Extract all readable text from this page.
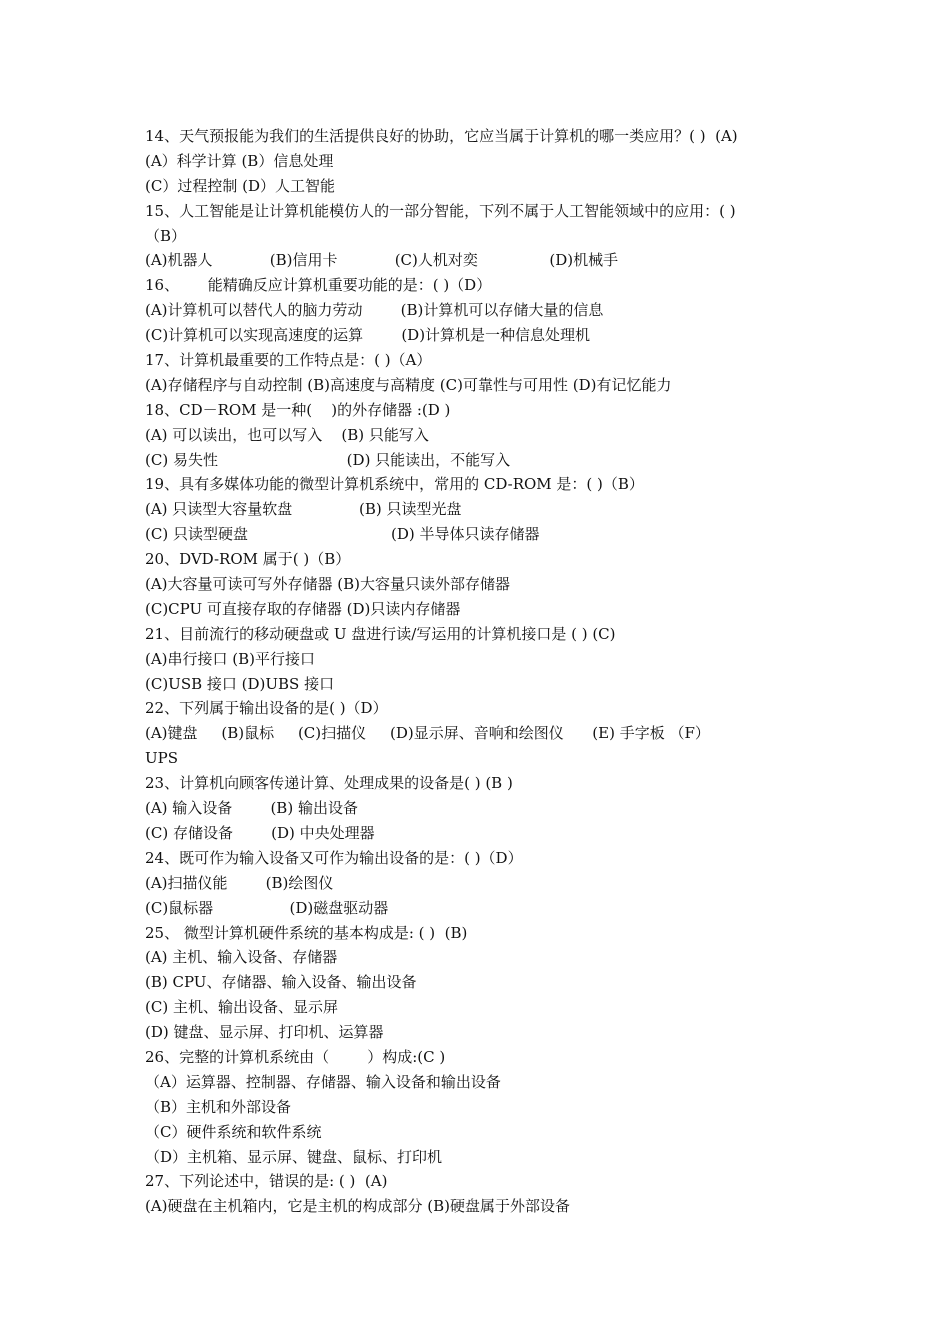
14、天气预报能为我们的生活提供良好的协助，它应当属于计算机的哪一类应用？( )  (A)
(A）科学计算 (B）信息处理
(C）过程控制 (D）人工智能
15、人工智能是让计算机能模仿人的一部分智能，下列不属于人工智能领域中的应用：( )
（B）
(A)机器人            (B)信用卡            (C)人机对奕               (D)机械手
16、      能精确反应计算机重要功能的是：( )（D）
(A)计算机可以替代人的脑力劳动        (B)计算机可以存储大量的信息
(C)计算机可以实现高速度的运算        (D)计算机是一种信息处理机
17、计算机最重要的工作特点是：( )（A）
(A)存储程序与自动控制 (B)高速度与高精度 (C)可靠性与可用性 (D)有记忆能力
18、CD－ROM 是一种(    )的外存储器 :(D )
(A) 可以读出，也可以写入    (B) 只能写入
(C) 易失性                           (D) 只能读出，不能写入
19、具有多媒体功能的微型计算机系统中，常用的 CD-ROM 是：( )（B）
(A) 只读型大容量软盘              (B) 只读型光盘
(C) 只读型硬盘                              (D) 半导体只读存储器
20、DVD-ROM 属于( )（B）
(A)大容量可读可写外存储器 (B)大容量只读外部存储器
(C)CPU 可直接存取的存储器 (D)只读内存储器
21、目前流行的移动硬盘或 U 盘进行读/写运用的计算机接口是 ( ) (C)
(A)串行接口 (B)平行接口
(C)USB 接口 (D)UBS 接口
22、下列属于输出设备的是( )（D）
(A)键盘     (B)鼠标     (C)扫描仪     (D)显示屏、音响和绘图仪      (E) 手字板 （F）
UPS
23、计算机向顾客传递计算、处理成果的设备是( ) (B )
(A) 输入设备        (B) 输出设备
(C) 存储设备        (D) 中央处理器
24、既可作为输入设备又可作为输出设备的是：( )（D）
(A)扫描仪能        (B)绘图仪
(C)鼠标器                (D)磁盘驱动器
25、 微型计算机硬件系统的基本构成是: ( )  (B)
(A) 主机、输入设备、存储器
(B) CPU、存储器、输入设备、输出设备
(C) 主机、输出设备、显示屏
(D) 键盘、显示屏、打印机、运算器
26、完整的计算机系统由（        ）构成:(C )
（A）运算器、控制器、存储器、输入设备和输出设备
（B）主机和外部设备
（C）硬件系统和软件系统
（D）主机箱、显示屏、键盘、鼠标、打印机
27、下列论述中，错误的是: ( )  (A)
(A)硬盘在主机箱内，它是主机的构成部分 (B)硬盘属于外部设备
